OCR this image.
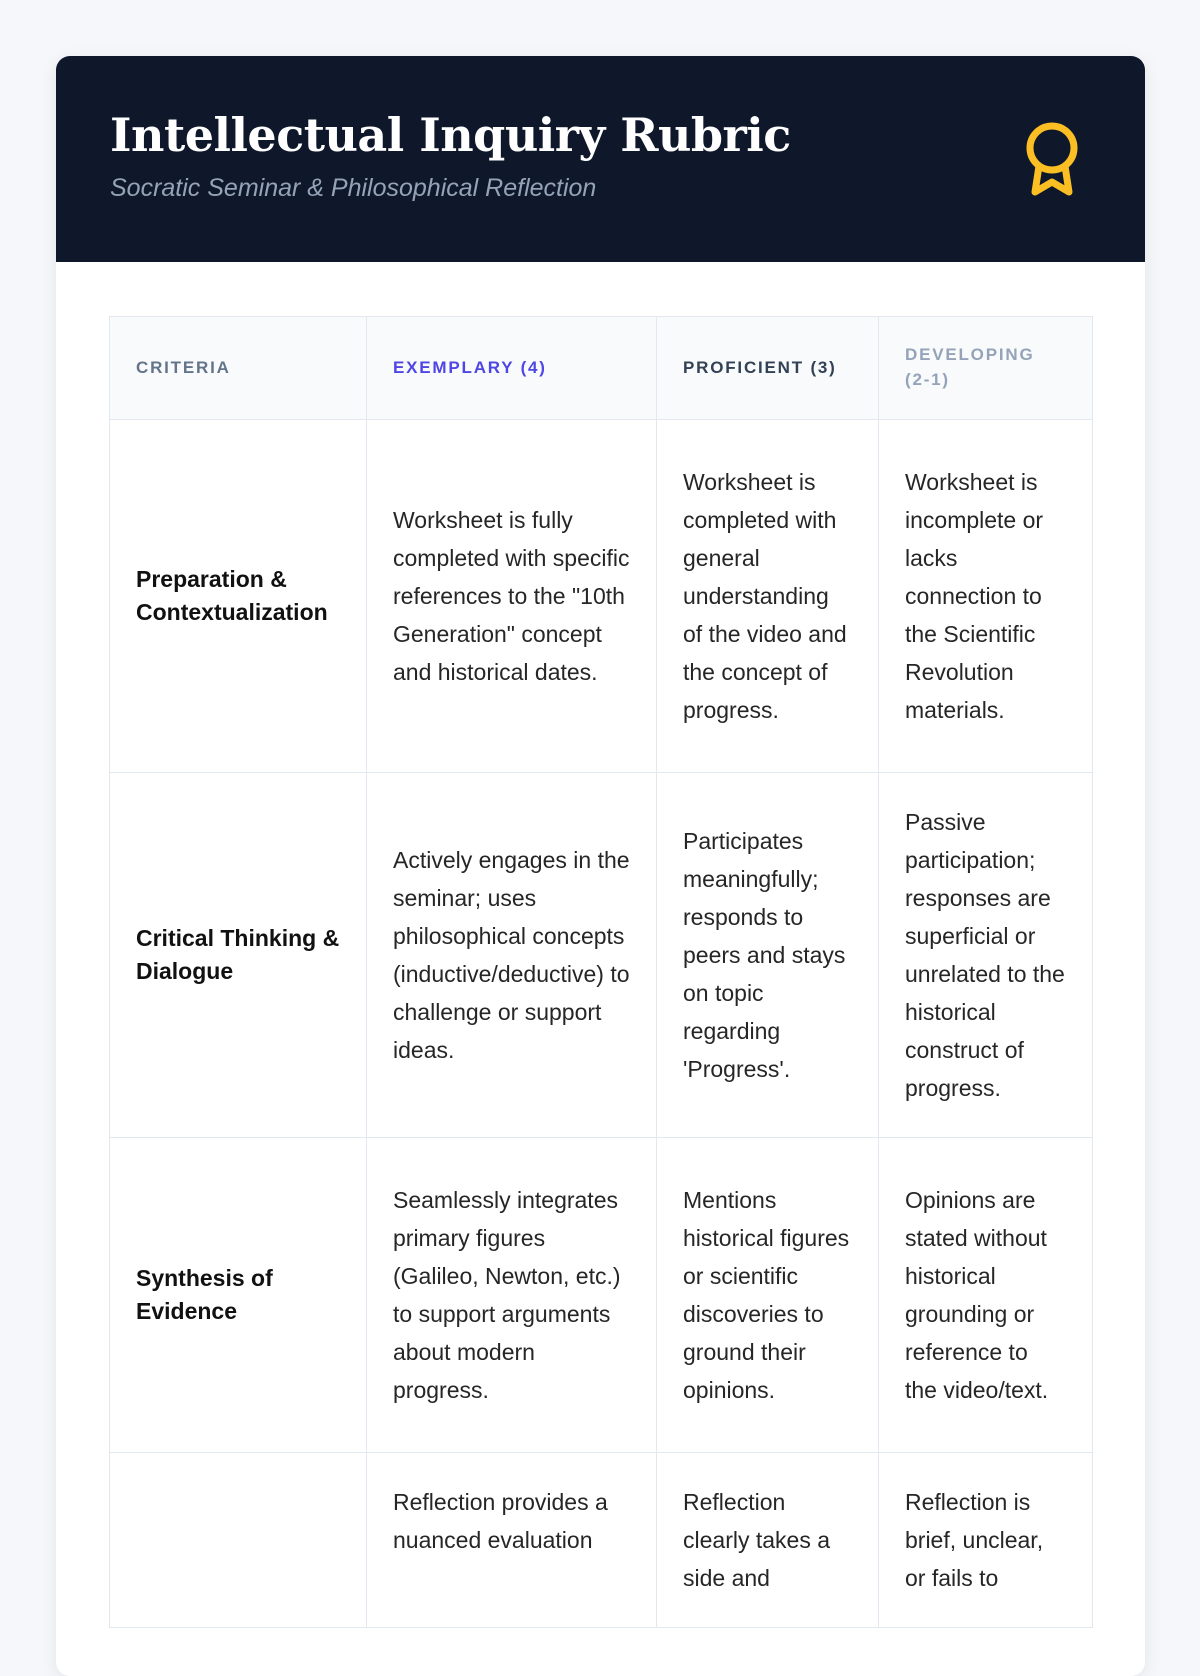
Intellectual Inquiry Rubric

Socratic Seminar & Philosophical Reflection

CRITERIA	EXEMPLARY (4)	PROFICIENT (3)	DEVELOPING (2-1)
Preparation & Contextualization	Worksheet is fully completed with specific references to the "10th Generation" concept and historical dates.	Worksheet is completed with general understanding of the video and the concept of progress.	Worksheet is incomplete or lacks connection to the Scientific Revolution materials.
Critical Thinking & Dialogue	Actively engages in the seminar; uses philosophical concepts (inductive/deductive) to challenge or support ideas.	Participates meaningfully; responds to peers and stays on topic regarding 'Progress'.	Passive participation; responses are superficial or unrelated to the historical construct of progress.
Synthesis of Evidence	Seamlessly integrates primary figures (Galileo, Newton, etc.) to support arguments about modern progress.	Mentions historical figures or scientific discoveries to ground their opinions.	Opinions are stated without historical grounding or reference to the video/text.
	Reflection provides a nuanced evaluation	Reflection clearly takes a side and	Reflection is brief, unclear, or fails to
